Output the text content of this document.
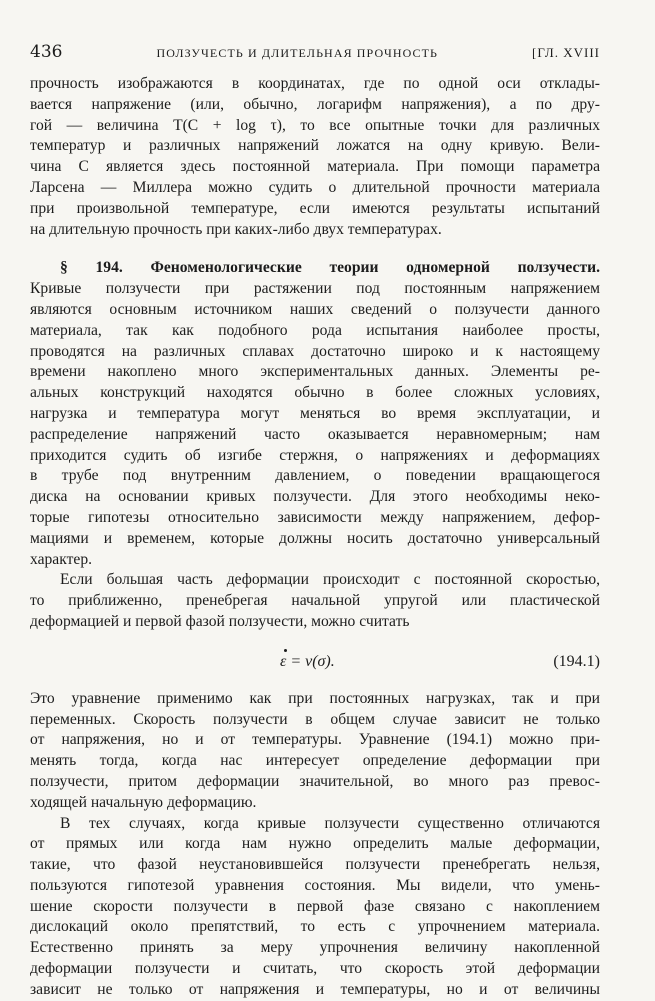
436	ПОЛЗУЧЕСТЬ И ДЛИТЕЛЬНАЯ ПРОЧНОСТЬ	[ГЛ. XVIII
прочность изображаются в координатах, где по одной оси отклады-
вается напряжение (или, обычно, логарифм напряжения), а по дру-
гой — величина T(C + log τ), то все опытные точки для различных
температур и различных напряжений ложатся на одну кривую. Вели-
чина C является здесь постоянной материала. При помощи параметра
Ларсена — Миллера можно судить о длительной прочности материала
при произвольной температуре, если имеются результаты испытаний
на длительную прочность при каких-либо двух температурах.
§ 194. Феноменологические теории одномерной ползучести.
Кривые ползучести при растяжении под постоянным напряжением
являются основным источником наших сведений о ползучести данного
материала, так как подобного рода испытания наиболее просты,
проводятся на различных сплавах достаточно широко и к настоящему
времени накоплено много экспериментальных данных. Элементы ре-
альных конструкций находятся обычно в более сложных условиях,
нагрузка и температура могут меняться во время эксплуатации, и
распределение напряжений часто оказывается неравномерным; нам
приходится судить об изгибе стержня, о напряжениях и деформациях
в трубе под внутренним давлением, о поведении вращающегося
диска на основании кривых ползучести. Для этого необходимы неко-
торые гипотезы относительно зависимости между напряжением, дефор-
мациями и временем, которые должны носить достаточно универсальный
характер.
Если большая часть деформации происходит с постоянной скоростью,
то приближенно, пренебрегая начальной упругой или пластической
деформацией и первой фазой ползучести, можно считать
ε = v(σ).	(194.1)
Это уравнение применимо как при постоянных нагрузках, так и при
переменных. Скорость ползучести в общем случае зависит не только
от напряжения, но и от температуры. Уравнение (194.1) можно при-
менять тогда, когда нас интересует определение деформации при
ползучести, притом деформации значительной, во много раз превос-
ходящей начальную деформацию.
В тех случаях, когда кривые ползучести существенно отличаются
от прямых или когда нам нужно определить малые деформации,
такие, что фазой неустановившейся ползучести пренебрегать нельзя,
пользуются гипотезой уравнения состояния. Мы видели, что умень-
шение скорости ползучести в первой фазе связано с накоплением
дислокаций около препятствий, то есть с упрочнением материала.
Естественно принять за меру упрочнения величину накопленной
деформации ползучести и считать, что скорость этой деформации
зависит не только от напряжения и температуры, но и от величины
